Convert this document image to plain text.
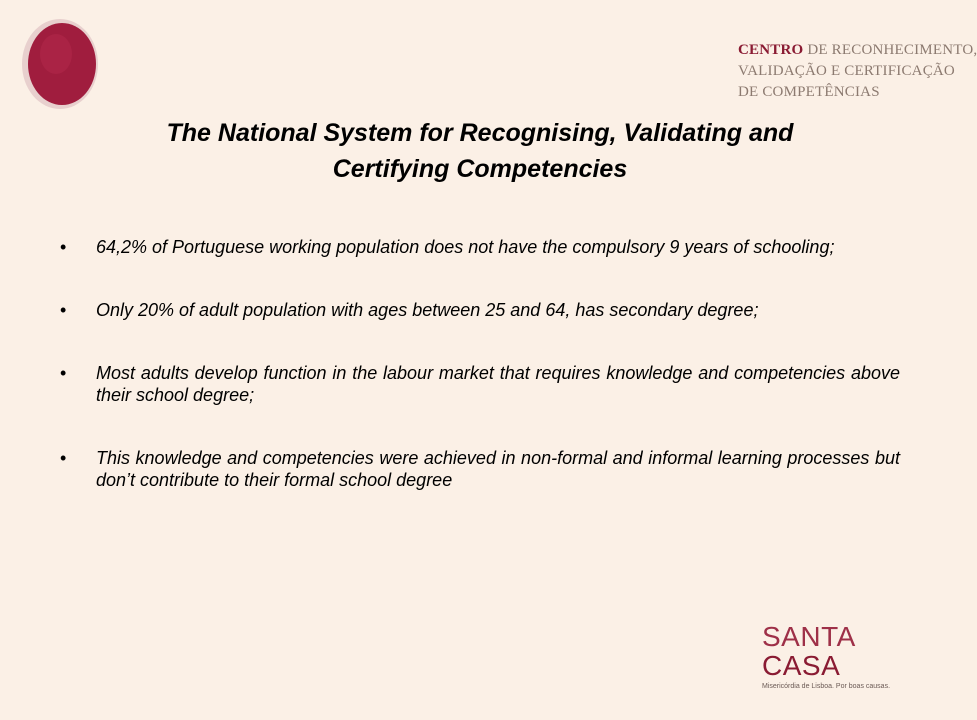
CENTRO DE RECONHECIMENTO,
VALIDAÇÃO E CERTIFICAÇÃO
DE COMPETÊNCIAS
The National System for Recognising, Validating and
Certifying Competencies
• 64,2% of Portuguese working population does not have the compulsory 9 years of schooling;
• Only 20% of adult population with ages between 25 and 64, has secondary degree;
• Most adults develop function in the labour market that requires knowledge and competencies above their school degree;
• This knowledge and competencies were achieved in non-formal and informal learning processes but don’t contribute to their formal school degree
SANTA
CASA
Misericórdia de Lisboa. Por boas causas.
